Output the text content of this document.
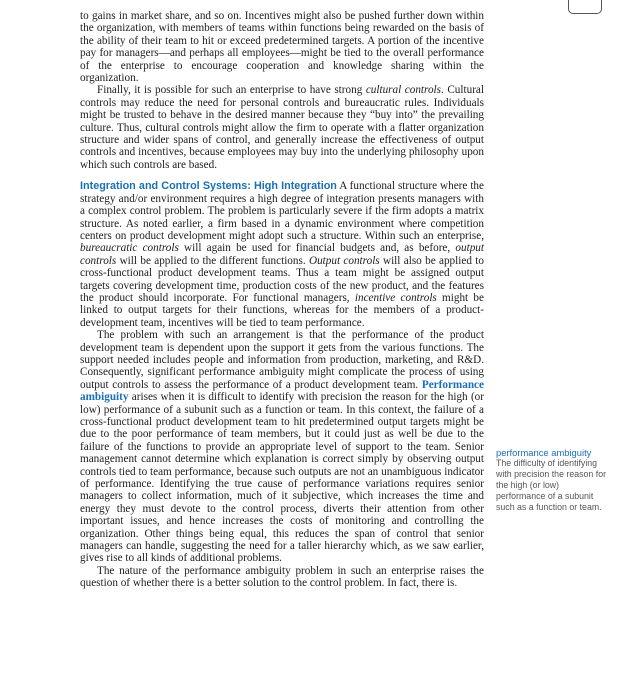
to gains in market share, and so on. Incentives might also be pushed further down within the organization, with members of teams within functions being rewarded on the basis of the ability of their team to hit or exceed predetermined targets. A portion of the incentive pay for managers—and perhaps all employees—might be tied to the overall performance of the enterprise to encourage cooperation and knowledge sharing within the organization.

Finally, it is possible for such an enterprise to have strong cultural controls. Cultural controls may reduce the need for personal controls and bureaucratic rules. Individuals might be trusted to behave in the desired manner because they “buy into” the prevailing culture. Thus, cultural controls might allow the firm to operate with a flatter organization structure and wider spans of control, and generally increase the effectiveness of output controls and incentives, because employees may buy into the underlying philosophy upon which such controls are based.

Integration and Control Systems: High Integration A functional structure where the strategy and/or environment requires a high degree of integration presents managers with a complex control problem. The problem is particularly severe if the firm adopts a matrix structure. As noted earlier, a firm based in a dynamic environment where competition centers on product development might adopt such a structure. Within such an enterprise, bureaucratic controls will again be used for financial budgets and, as before, output controls will be applied to the different functions. Output controls will also be applied to cross-functional product development teams. Thus a team might be assigned output targets covering development time, production costs of the new product, and the features the product should incorporate. For functional managers, incentive controls might be linked to output targets for their functions, whereas for the members of a product-development team, incentives will be tied to team performance.

The problem with such an arrangement is that the performance of the product development team is dependent upon the support it gets from the various functions. The support needed includes people and information from production, marketing, and R&D. Consequently, significant performance ambiguity might complicate the process of using output controls to assess the performance of a product development team. Performance ambiguity arises when it is difficult to identify with precision the reason for the high (or low) performance of a subunit such as a function or team. In this context, the failure of a cross-functional product development team to hit predetermined output targets might be due to the poor performance of team members, but it could just as well be due to the failure of the functions to provide an appropriate level of support to the team. Senior management cannot determine which explanation is correct simply by observing output controls tied to team performance, because such outputs are not an unambiguous indicator of performance. Identifying the true cause of performance variations requires senior managers to collect information, much of it subjective, which increases the time and energy they must devote to the control process, diverts their attention from other important issues, and hence increases the costs of monitoring and controlling the organization. Other things being equal, this reduces the span of control that senior managers can handle, suggesting the need for a taller hierarchy which, as we saw earlier, gives rise to all kinds of additional problems.

The nature of the performance ambiguity problem in such an enterprise raises the question of whether there is a better solution to the control problem. In fact, there is.

performance ambiguity
The difficulty of identifying with precision the reason for the high (or low) performance of a subunit such as a function or team.
